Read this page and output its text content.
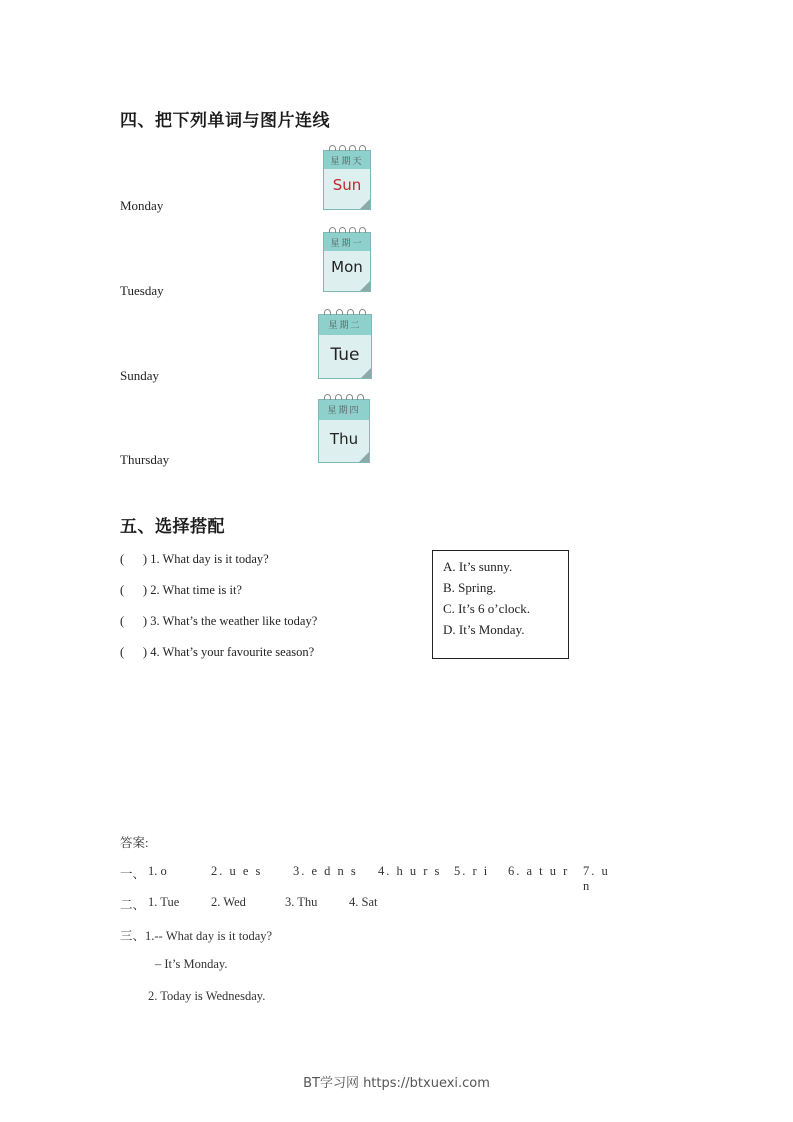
四、把下列单词与图片连线
Monday
Tuesday
Sunday
Thursday
星期天
Sun
星期一
Mon
星期二
Tue
星期四
Thu
五、选择搭配
(      ) 1. What day is it today?
(      ) 2. What time is it?
(      ) 3. What’s the weather like today?
(      ) 4. What’s your favourite season?
A. It’s sunny.
B. Spring.
C. It’s 6 o’clock.
D. It’s Monday.
答案:
一、 1. o	2. u e s 3. e d n s 4. h u r s 5. r i 6. a t u r 7. u n
二、 1. Tue	2. Wed	3. Thu	4. Sat
三、1.-- What day is it today?
– It’s Monday.
2. Today is Wednesday.
BT学习网 https://btxuexi.com
